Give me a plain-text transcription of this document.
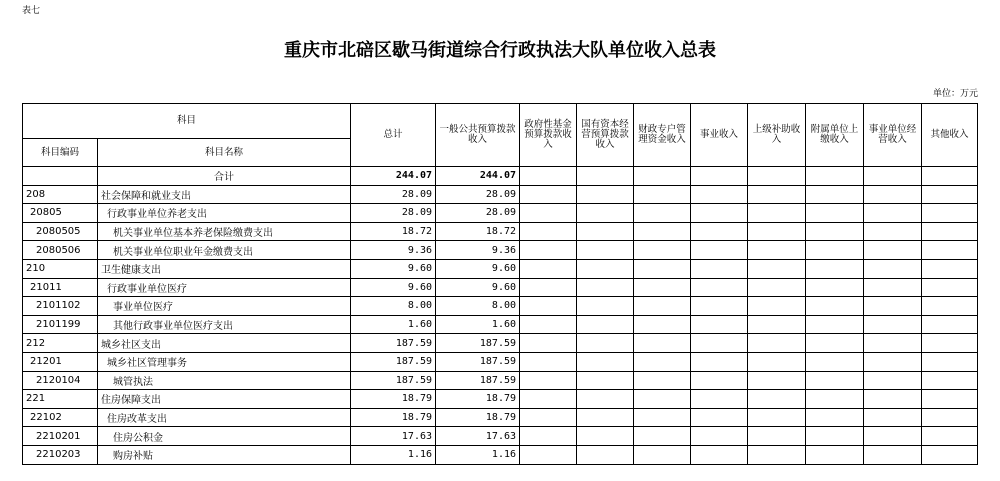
表七
重庆市北碚区歇马街道综合行政执法大队单位收入总表
单位：万元
科目		总计	一般公共预算拨款收入	政府性基金预算拨款收入	国有资本经营预算拨款收入	财政专户管理资金收入	事业收入	上级补助收入	附属单位上缴收入	事业单位经营收入	其他收入
科目编码	科目名称										
	合计	244.07	244.07								
208	社会保障和就业支出	28.09	28.09								
20805	行政事业单位养老支出	28.09	28.09								
2080505	机关事业单位基本养老保险缴费支出	18.72	18.72								
2080506	机关事业单位职业年金缴费支出	9.36	9.36								
210	卫生健康支出	9.60	9.60								
21011	行政事业单位医疗	9.60	9.60								
2101102	事业单位医疗	8.00	8.00								
2101199	其他行政事业单位医疗支出	1.60	1.60								
212	城乡社区支出	187.59	187.59								
21201	城乡社区管理事务	187.59	187.59								
2120104	城管执法	187.59	187.59								
221	住房保障支出	18.79	18.79								
22102	住房改革支出	18.79	18.79								
2210201	住房公积金	17.63	17.63								
2210203	购房补贴	1.16	1.16								
